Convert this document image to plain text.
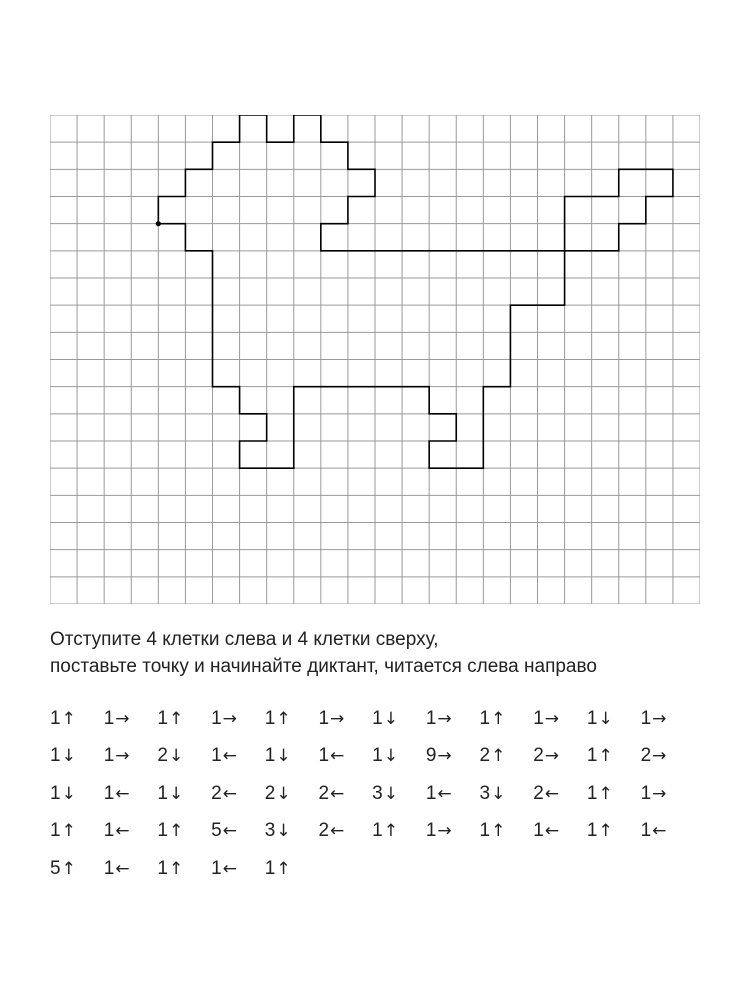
Отступите 4 клетки слева и 4 клетки сверху,
поставьте точку и начинайте диктант, читается слева направо
1↑	1→	1↑	1→	1↑	1→	1↓	1→	1↑	1→	1↓	1→
1↓	1→	2↓	1←	1↓	1←	1↓	9→	2↑	2→	1↑	2→
1↓	1←	1↓	2←	2↓	2←	3↓	1←	3↓	2←	1↑	1→
1↑	1←	1↑	5←	3↓	2←	1↑	1→	1↑	1←	1↑	1←
5↑	1←	1↑	1←	1↑
